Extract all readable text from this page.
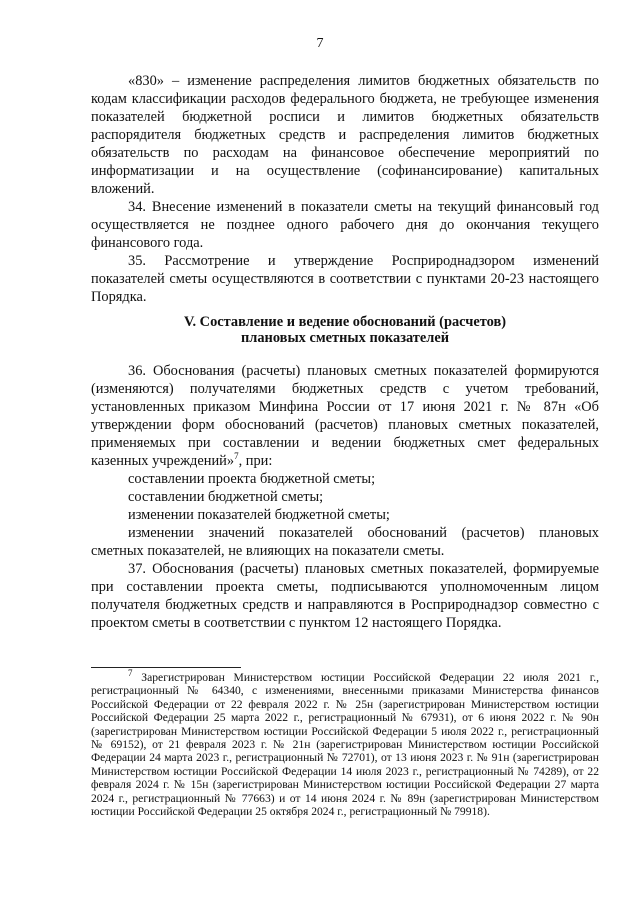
7

«830» – изменение распределения лимитов бюджетных обязательств по кодам классификации расходов федерального бюджета, не требующее изменения показателей бюджетной росписи и лимитов бюджетных обязательств распорядителя бюджетных средств и распределения лимитов бюджетных обязательств по расходам на финансовое обеспечение мероприятий по информатизации и на осуществление (софинансирование) капитальных вложений.

34. Внесение изменений в показатели сметы на текущий финансовый год осуществляется не позднее одного рабочего дня до окончания текущего финансового года.

35. Рассмотрение и утверждение Росприроднадзором изменений показателей сметы осуществляются в соответствии с пунктами 20-23 настоящего Порядка.

V. Составление и ведение обоснований (расчетов)
плановых сметных показателей

36. Обоснования (расчеты) плановых сметных показателей формируются (изменяются) получателями бюджетных средств с учетом требований, установленных приказом Минфина России от 17 июня 2021 г. № 87н «Об утверждении форм обоснований (расчетов) плановых сметных показателей, применяемых при составлении и ведении бюджетных смет федеральных казенных учреждений»$^7$, при:

составлении проекта бюджетной сметы;

составлении бюджетной сметы;

изменении показателей бюджетной сметы;

изменении значений показателей обоснований (расчетов) плановых сметных показателей, не влияющих на показатели сметы.

37. Обоснования (расчеты) плановых сметных показателей, формируемые при составлении проекта сметы, подписываются уполномоченным лицом получателя бюджетных средств и направляются в Росприроднадзор совместно с проектом сметы в соответствии с пунктом 12 настоящего Порядка.

$^7$ Зарегистрирован Министерством юстиции Российской Федерации 22 июля 2021 г., регистрационный № 64340, с изменениями, внесенными приказами Министерства финансов Российской Федерации от 22 февраля 2022 г. № 25н (зарегистрирован Министерством юстиции Российской Федерации 25 марта 2022 г., регистрационный № 67931), от 6 июня 2022 г. № 90н (зарегистрирован Министерством юстиции Российской Федерации 5 июля 2022 г., регистрационный № 69152), от 21 февраля 2023 г. № 21н (зарегистрирован Министерством юстиции Российской Федерации 24 марта 2023 г., регистрационный № 72701), от 13 июня 2023 г. № 91н (зарегистрирован Министерством юстиции Российской Федерации 14 июля 2023 г., регистрационный № 74289), от 22 февраля 2024 г. № 15н (зарегистрирован Министерством юстиции Российской Федерации 27 марта 2024 г., регистрационный № 77663) и от 14 июня 2024 г. № 89н (зарегистрирован Министерством юстиции Российской Федерации 25 октября 2024 г., регистрационный № 79918).
